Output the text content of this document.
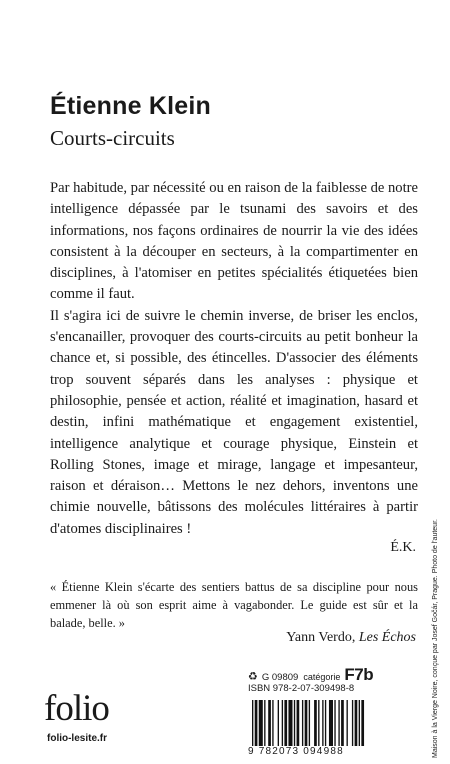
Étienne Klein
Courts-circuits

Par habitude, par nécessité ou en raison de la faiblesse de notre intelligence dépassée par le tsunami des savoirs et des informations, nos façons ordinaires de nourrir la vie des idées consistent à la découper en secteurs, à la compartimenter en disciplines, à l'atomiser en petites spécialités étiquetées bien comme il faut.

Il s'agira ici de suivre le chemin inverse, de briser les enclos, s'encanailler, provoquer des courts-circuits au petit bonheur la chance et, si possible, des étincelles. D'associer des éléments trop souvent séparés dans les analyses : physique et philosophie, pensée et action, réalité et imagination, hasard et destin, infini mathématique et engagement existentiel, intelligence analytique et courage physique, Einstein et Rolling Stones, image et mirage, langage et impesanteur, raison et déraison… Mettons le nez dehors, inventons une chimie nouvelle, bâtissons des molécules littéraires à partir d'atomes disciplinaires !

É.K.
« Étienne Klein s'écarte des sentiers battus de sa discipline pour nous emmener là où son esprit aime à vagabonder. Le guide est sûr et la balade, belle. »
Yann Verdo, Les Échos
folio
folio-lesite.fr
♻ G 09809 catégorie F7b
ISBN 978-2-07-309498-8
9 782073 094988	Maison à la Vierge Noire, conçue par Josef Gočár, Prague. Photo de l'auteur.
